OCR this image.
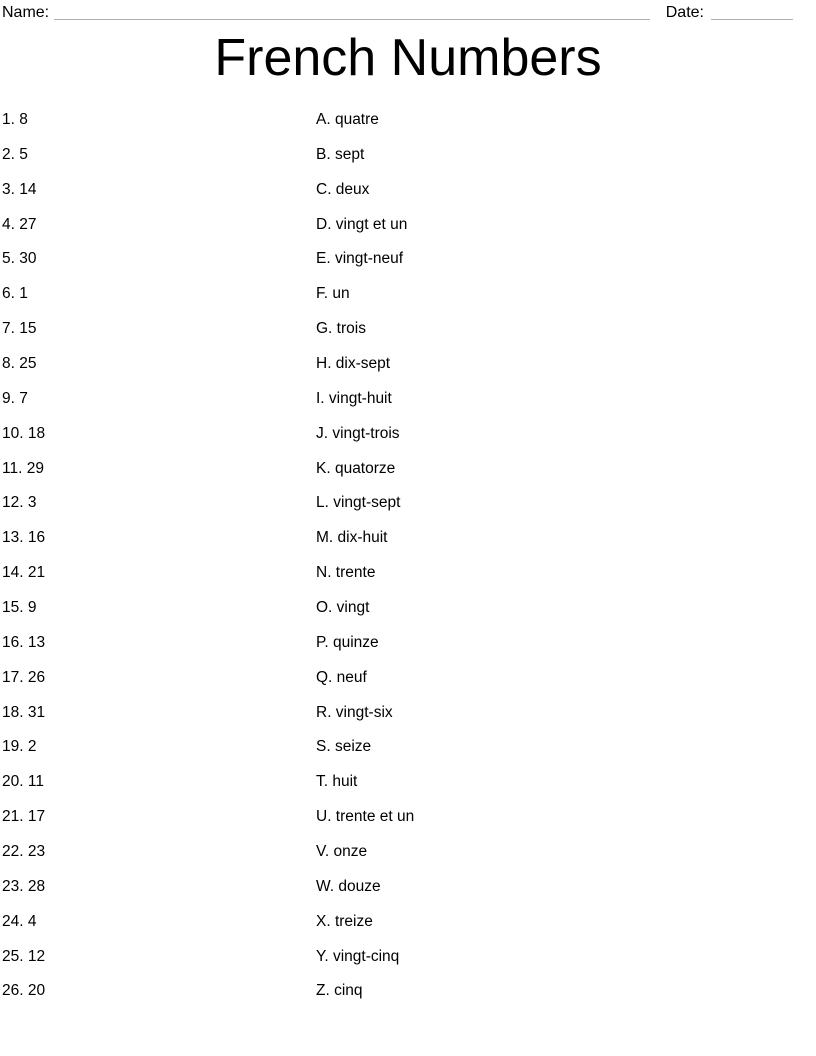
Name:	Date:
French Numbers
1. 8	A. quatre
2. 5	B. sept
3. 14	C. deux
4. 27	D. vingt et un
5. 30	E. vingt-neuf
6. 1	F. un
7. 15	G. trois
8. 25	H. dix-sept
9. 7	I. vingt-huit
10. 18	J. vingt-trois
11. 29	K. quatorze
12. 3	L. vingt-sept
13. 16	M. dix-huit
14. 21	N. trente
15. 9	O. vingt
16. 13	P. quinze
17. 26	Q. neuf
18. 31	R. vingt-six
19. 2	S. seize
20. 11	T. huit
21. 17	U. trente et un
22. 23	V. onze
23. 28	W. douze
24. 4	X. treize
25. 12	Y. vingt-cinq
26. 20	Z. cinq
